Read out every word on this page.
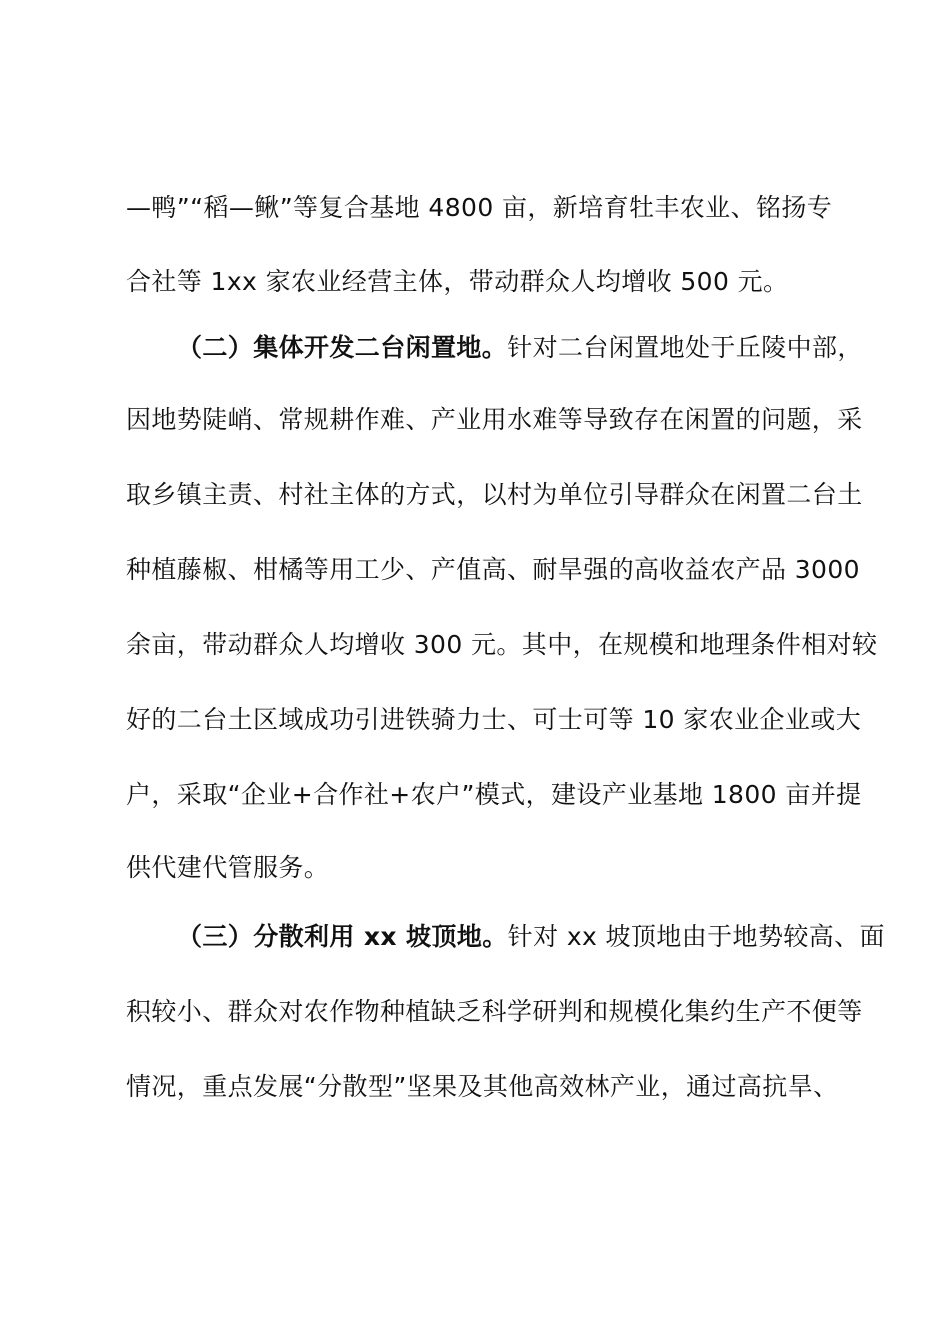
—鸭”“稻—鳅”等复合基地 4800 亩，新培育牡丰农业、铭扬专
合社等 1xx 家农业经营主体，带动群众人均增收 500 元。
（二）集体开发二台闲置地。针对二台闲置地处于丘陵中部，
因地势陡峭、常规耕作难、产业用水难等导致存在闲置的问题，采
取乡镇主责、村社主体的方式，以村为单位引导群众在闲置二台土
种植藤椒、柑橘等用工少、产值高、耐旱强的高收益农产品 3000
余亩，带动群众人均增收 300 元。其中，在规模和地理条件相对较
好的二台土区域成功引进铁骑力士、可士可等 10 家农业企业或大
户，采取“企业+合作社+农户”模式，建设产业基地 1800 亩并提
供代建代管服务。
（三）分散利用 xx 坡顶地。针对 xx 坡顶地由于地势较高、面
积较小、群众对农作物种植缺乏科学研判和规模化集约生产不便等
情况，重点发展“分散型”坚果及其他高效林产业，通过高抗旱、
